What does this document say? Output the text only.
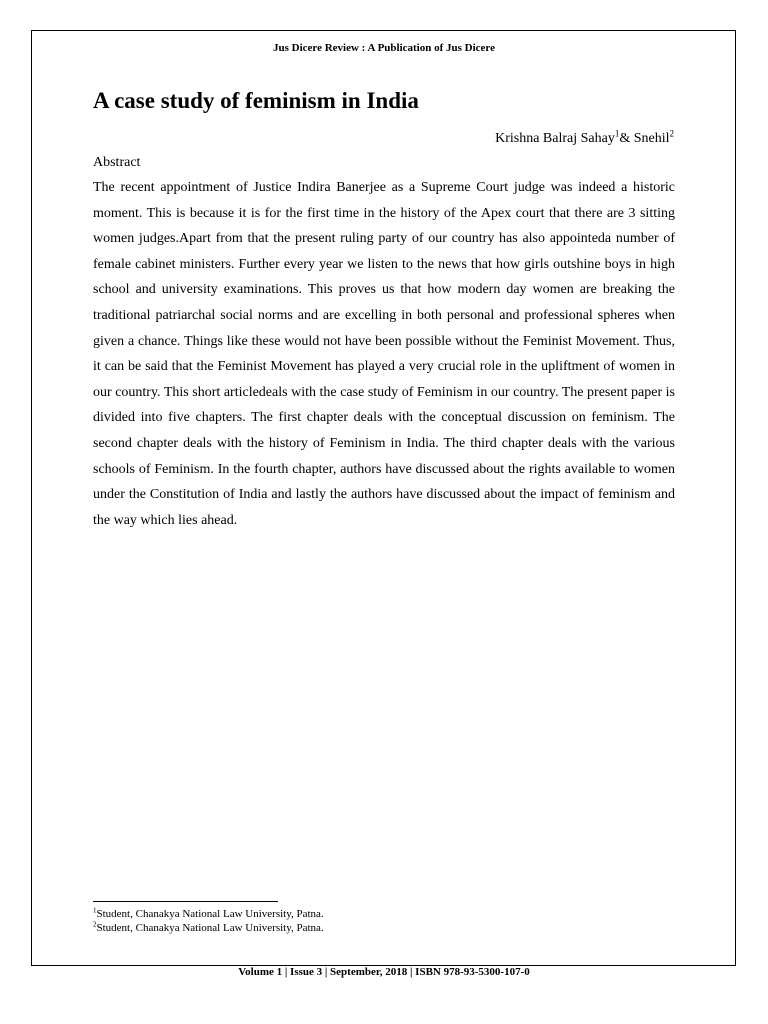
Jus Dicere Review : A Publication of Jus Dicere

A case study of feminism in India
Krishna Balraj Sahay$^1$& Snehil$^2$
Abstract

The recent appointment of Justice Indira Banerjee as a Supreme Court judge was indeed a historic moment. This is because it is for the first time in the history of the Apex court that there are 3 sitting women judges.Apart from that the present ruling party of our country has also appointeda number of female cabinet ministers. Further every year we listen to the news that how girls outshine boys in high school and university examinations. This proves us that how modern day women are breaking the traditional patriarchal social norms and are excelling in both personal and professional spheres when given a chance. Things like these would not have been possible without the Feminist Movement. Thus, it can be said that the Feminist Movement has played a very crucial role in the upliftment of women in our country. This short articledeals with the case study of Feminism in our country. The present paper is divided into five chapters. The first chapter deals with the conceptual discussion on feminism. The second chapter deals with the history of Feminism in India. The third chapter deals with the various schools of Feminism. In the fourth chapter, authors have discussed about the rights available to women under the Constitution of India and lastly the authors have discussed about the impact of feminism and the way which lies ahead.

$^1$Student, Chanakya National Law University, Patna.
$^2$Student, Chanakya National Law University, Patna.
Volume 1 | Issue 3 | September, 2018 | ISBN 978-93-5300-107-0
